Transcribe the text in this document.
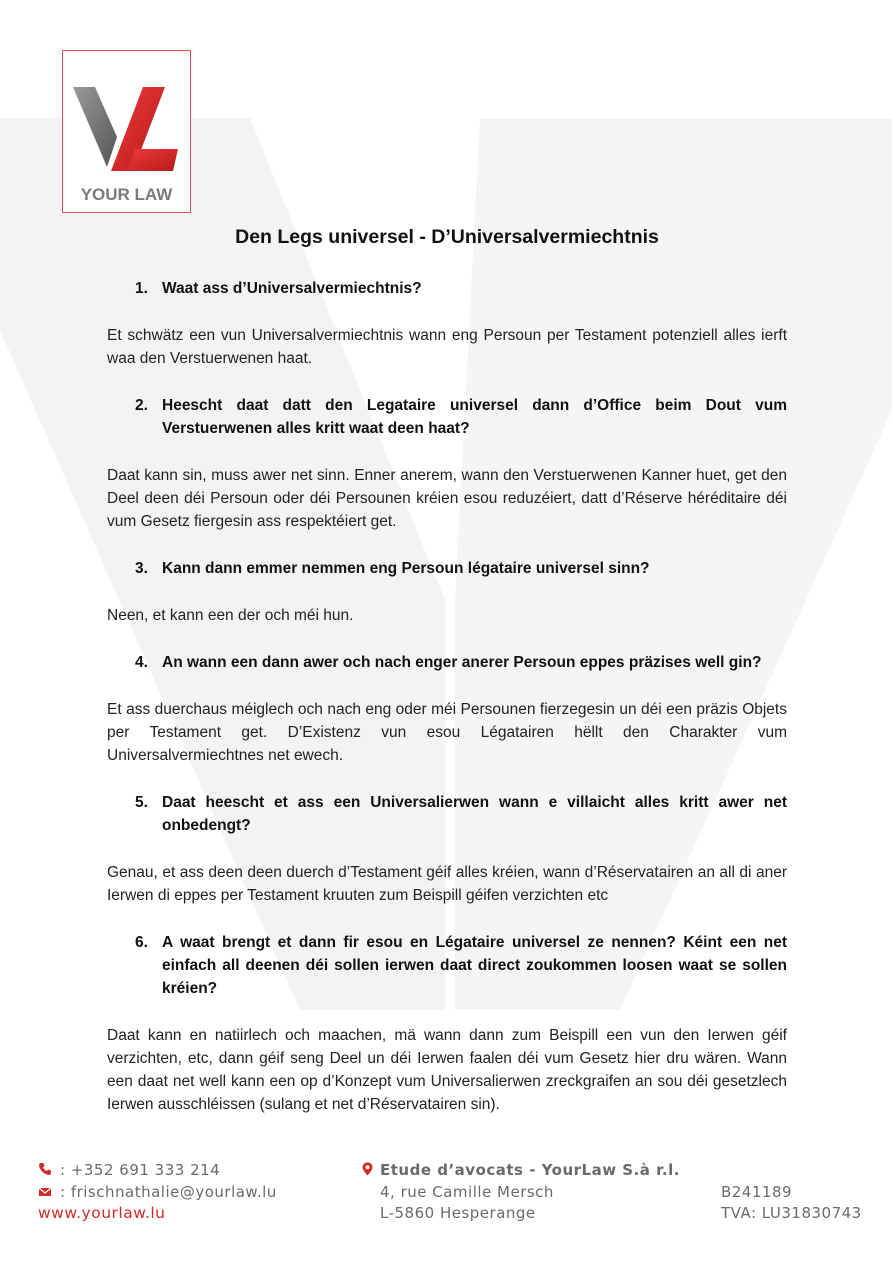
YOUR LAW
Den Legs universel - D’Universalvermiechtnis
1. Waat ass d’Universalvermiechtnis?

Et schwätz een vun Universalvermiechtnis wann eng Persoun per Testament potenziell alles ierft waa den Verstuerwenen haat.

2. Heescht daat datt den Legataire universel dann d’Office beim Dout vum Verstuerwenen alles kritt waat deen haat?

Daat kann sin, muss awer net sinn. Enner anerem, wann den Verstuerwenen Kanner huet, get den Deel deen déi Persoun oder déi Persounen kréien esou reduzéiert, datt d’Réserve héréditaire déi vum Gesetz fiergesin ass respektéiert get.

3. Kann dann emmer nemmen eng Persoun légataire universel sinn?

Neen, et kann een der och méi hun.

4. An wann een dann awer och nach enger anerer Persoun eppes präzises well gin?

Et ass duerchaus méiglech och nach eng oder méi Persounen fierzegesin un déi een präzis Objets per Testament get. D’Existenz vun esou Légatairen hëllt den Charakter vum Universalvermiechtnes net ewech.

5. Daat heescht et ass een Universalierwen wann e villaicht alles kritt awer net onbedengt?

Genau, et ass deen deen duerch d’Testament géif alles kréien, wann d’Réservatairen an all di aner Ierwen di eppes per Testament kruuten zum Beispill géifen verzichten etc

6. A waat brengt et dann fir esou en Légataire universel ze nennen? Kéint een net einfach all deenen déi sollen ierwen daat direct zoukommen loosen waat se sollen kréien?

Daat kann en natiirlech och maachen, mä wann dann zum Beispill een vun den Ierwen géif verzichten, etc, dann géif seng Deel un déi Ierwen faalen déi vum Gesetz hier dru wären. Wann een daat net well kann een op d’Konzept vum Universalierwen zreckgraifen an sou déi gesetzlech Ierwen ausschléissen (sulang et net d’Réservatairen sin).

: +352 691 333 214
: frischnathalie@yourlaw.lu
www.yourlaw.lu
Etude d’avocats - YourLaw S.à r.l.
4, rue Camille Mersch
L-5860 Hesperange
B241189
TVA: LU31830743
